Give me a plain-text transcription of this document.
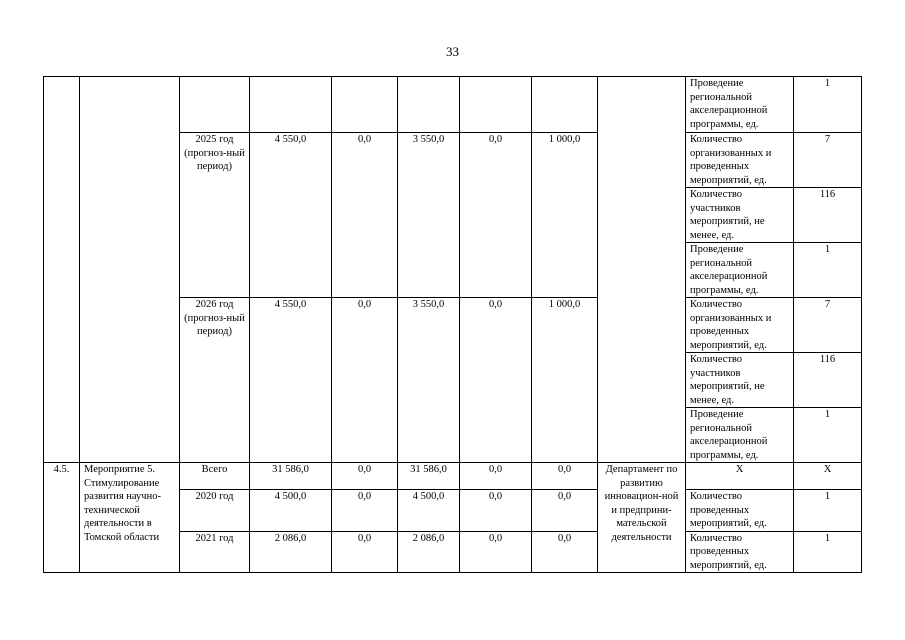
33
									Проведение региональной акселерационной программы, ед.	1
		2025 год (прогноз-ный период)	4 550,0	0,0	3 550,0	0,0	1 000,0		Количество организованных и проведенных мероприятий, ед.	7
									Количество участников мероприятий, не менее, ед.	116
									Проведение региональной акселерационной программы, ед.	1
		2026 год (прогноз-ный период)	4 550,0	0,0	3 550,0	0,0	1 000,0		Количество организованных и проведенных мероприятий, ед.	7
									Количество участников мероприятий, не менее, ед.	116
									Проведение региональной акселерационной программы, ед.	1
4.5.	Мероприятие 5. Стимулирование развития научно-технической деятельности в Томской области	Всего	31 586,0	0,0	31 586,0	0,0	0,0	Департамент по развитию инновацион-ной и предприни-мательской деятельности	Х	Х
		2020 год	4 500,0	0,0	4 500,0	0,0	0,0		Количество проведенных мероприятий, ед.	1
		2021 год	2 086,0	0,0	2 086,0	0,0	0,0		Количество проведенных мероприятий, ед.	1
